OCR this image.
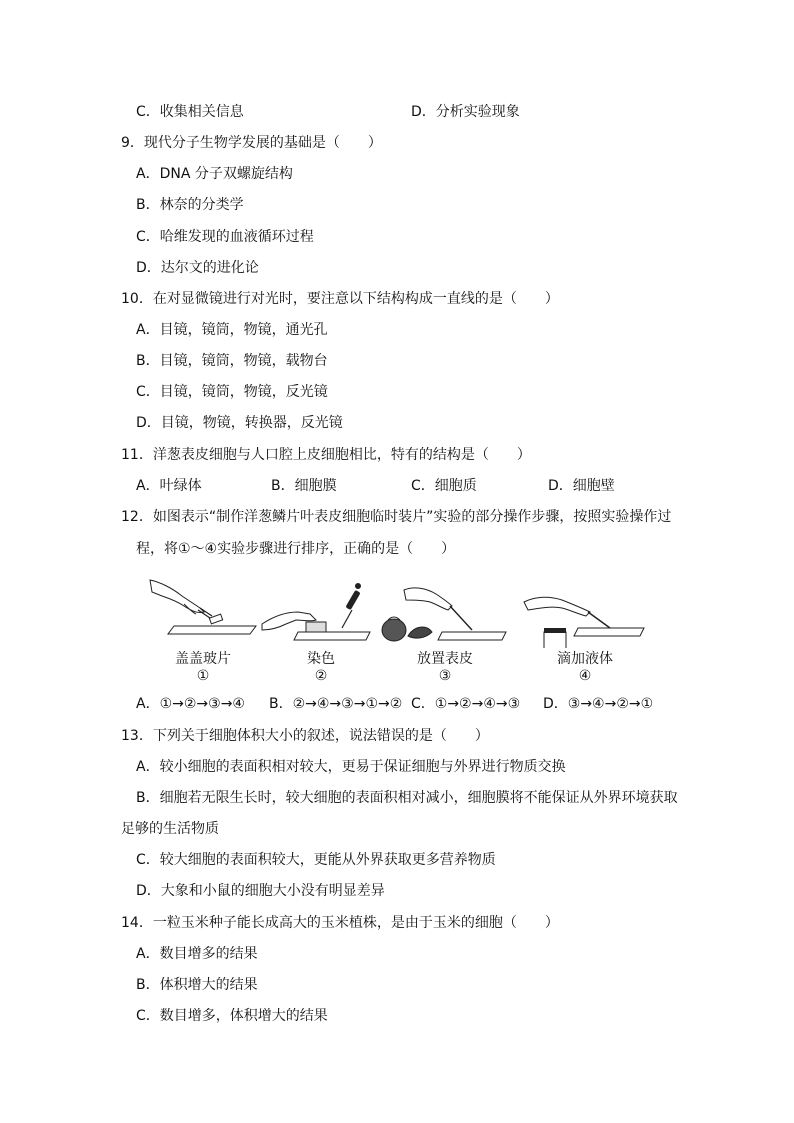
C．收集相关信息	D．分析实验现象
9．现代分子生物学发展的基础是（　　）
A．DNA 分子双螺旋结构
B．林奈的分类学
C．哈维发现的血液循环过程
D．达尔文的进化论
10．在对显微镜进行对光时，要注意以下结构构成一直线的是（　　）
A．目镜，镜筒，物镜，通光孔
B．目镜，镜筒，物镜，载物台
C．目镜，镜筒，物镜，反光镜
D．目镜，物镜，转换器，反光镜
11．洋葱表皮细胞与人口腔上皮细胞相比，特有的结构是（　　）
A．叶绿体	B．细胞膜	C．细胞质	D．细胞壁
12．如图表示“制作洋葱鳞片叶表皮细胞临时装片”实验的部分操作步骤，按照实验操作过
程，将①～④实验步骤进行排序，正确的是（　　）
盖盖玻片
①
染色
②
放置表皮
③
滴加液体
④
A．①→②→③→④ B．②→④→③→①→② C．①→②→④→③ D．③→④→②→①
13．下列关于细胞体积大小的叙述，说法错误的是（　　）
A．较小细胞的表面积相对较大，更易于保证细胞与外界进行物质交换
B．细胞若无限生长时，较大细胞的表面积相对减小，细胞膜将不能保证从外界环境获取
足够的生活物质
C．较大细胞的表面积较大，更能从外界获取更多营养物质
D．大象和小鼠的细胞大小没有明显差异
14．一粒玉米种子能长成高大的玉米植株，是由于玉米的细胞（　　）
A．数目增多的结果
B．体积增大的结果
C．数目增多，体积增大的结果
